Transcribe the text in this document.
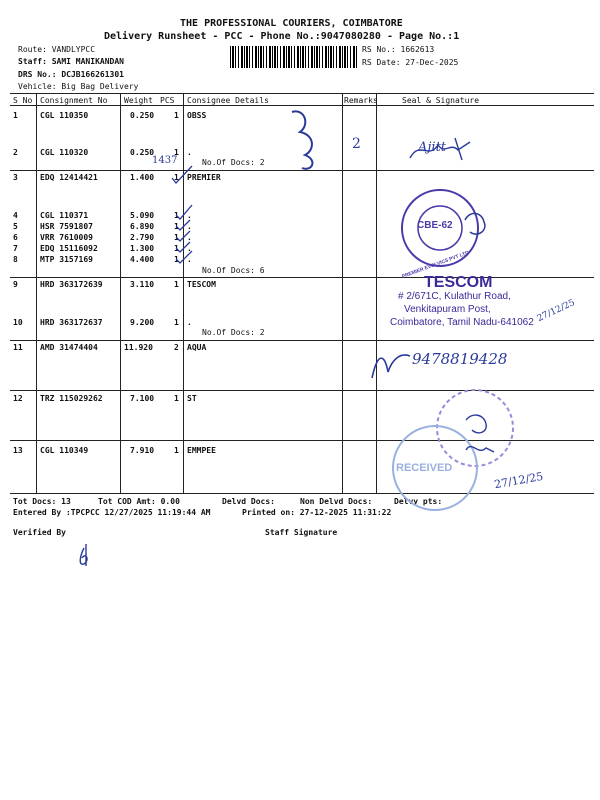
THE PROFESSIONAL COURIERS, COIMBATORE
Delivery Runsheet - PCC - Phone No.:9047080280 - Page No.:1
Route: VANDLYPCC
Staff: SAMI MANIKANDAN
DRS No.: DCJB166261301
Vehicle: Big Bag Delivery
RS No.: 1662613
RS Date: 27-Dec-2025
S No Consignment No Weight PCS Consignee Details	Remarks	Seal & Signature
1	CGL 110350	0.250 1 OBSS
2	CGL 110320	0.250 1 .
No.Of Docs: 2
3	EDQ 12414421	1.400 1 PREMIER
4	CGL 110371	5.090 1 .
5	HSR 7591807	6.890 1 .
6	VRR 7610009	2.790 1 .
7	EDQ 15116092	1.300 1 .
8	MTP 3157169	4.400 1 .
No.Of Docs: 6
9	HRD 363172639	3.110 1 TESCOM
10 HRD 363172637	9.200 1 .
No.Of Docs: 2
11 AMD 31474404	11.920	2 AQUA
12 TRZ 115029262	7.100 1 ST
13 CGL 110349	7.910 1 EMMPEE
Tot Docs: 13	Tot COD Amt: 0.00	Delvd Docs:	Non Delvd Docs:	Delvy pts:
Entered By :TPCPCC 12/27/2025 11:19:44 AM	Printed on: 27-12-2025 11:31:22
Verified By	Staff Signature
1437
2	Ajitt
9478819428
27/12/25
27/12/25
CBE-62
PREMIER EVOLVICS PVT LTD
TESCOM
# 2/671C, Kulathur Road,
Venkitapuram Post,
Coimbatore, Tamil Nadu-641062
RECEIVED
